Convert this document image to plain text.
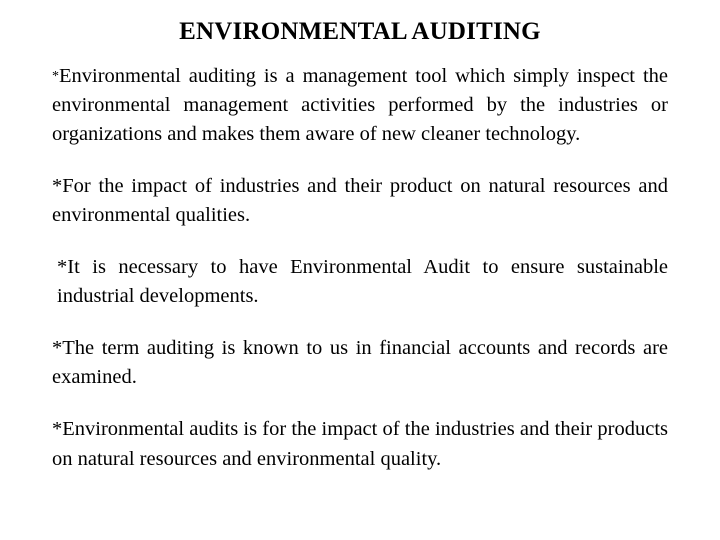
ENVIRONMENTAL AUDITING

*Environmental auditing is a management tool which simply inspect the environmental management activities performed by the industries or organizations and makes them aware of new cleaner technology.

*For the impact of industries and their product on natural resources and environmental qualities.

*It is necessary to have Environmental Audit to ensure sustainable industrial developments.

*The term auditing is known to us in financial accounts and records are examined.

*Environmental audits is for the impact of the industries and their products on natural resources and environmental quality.
